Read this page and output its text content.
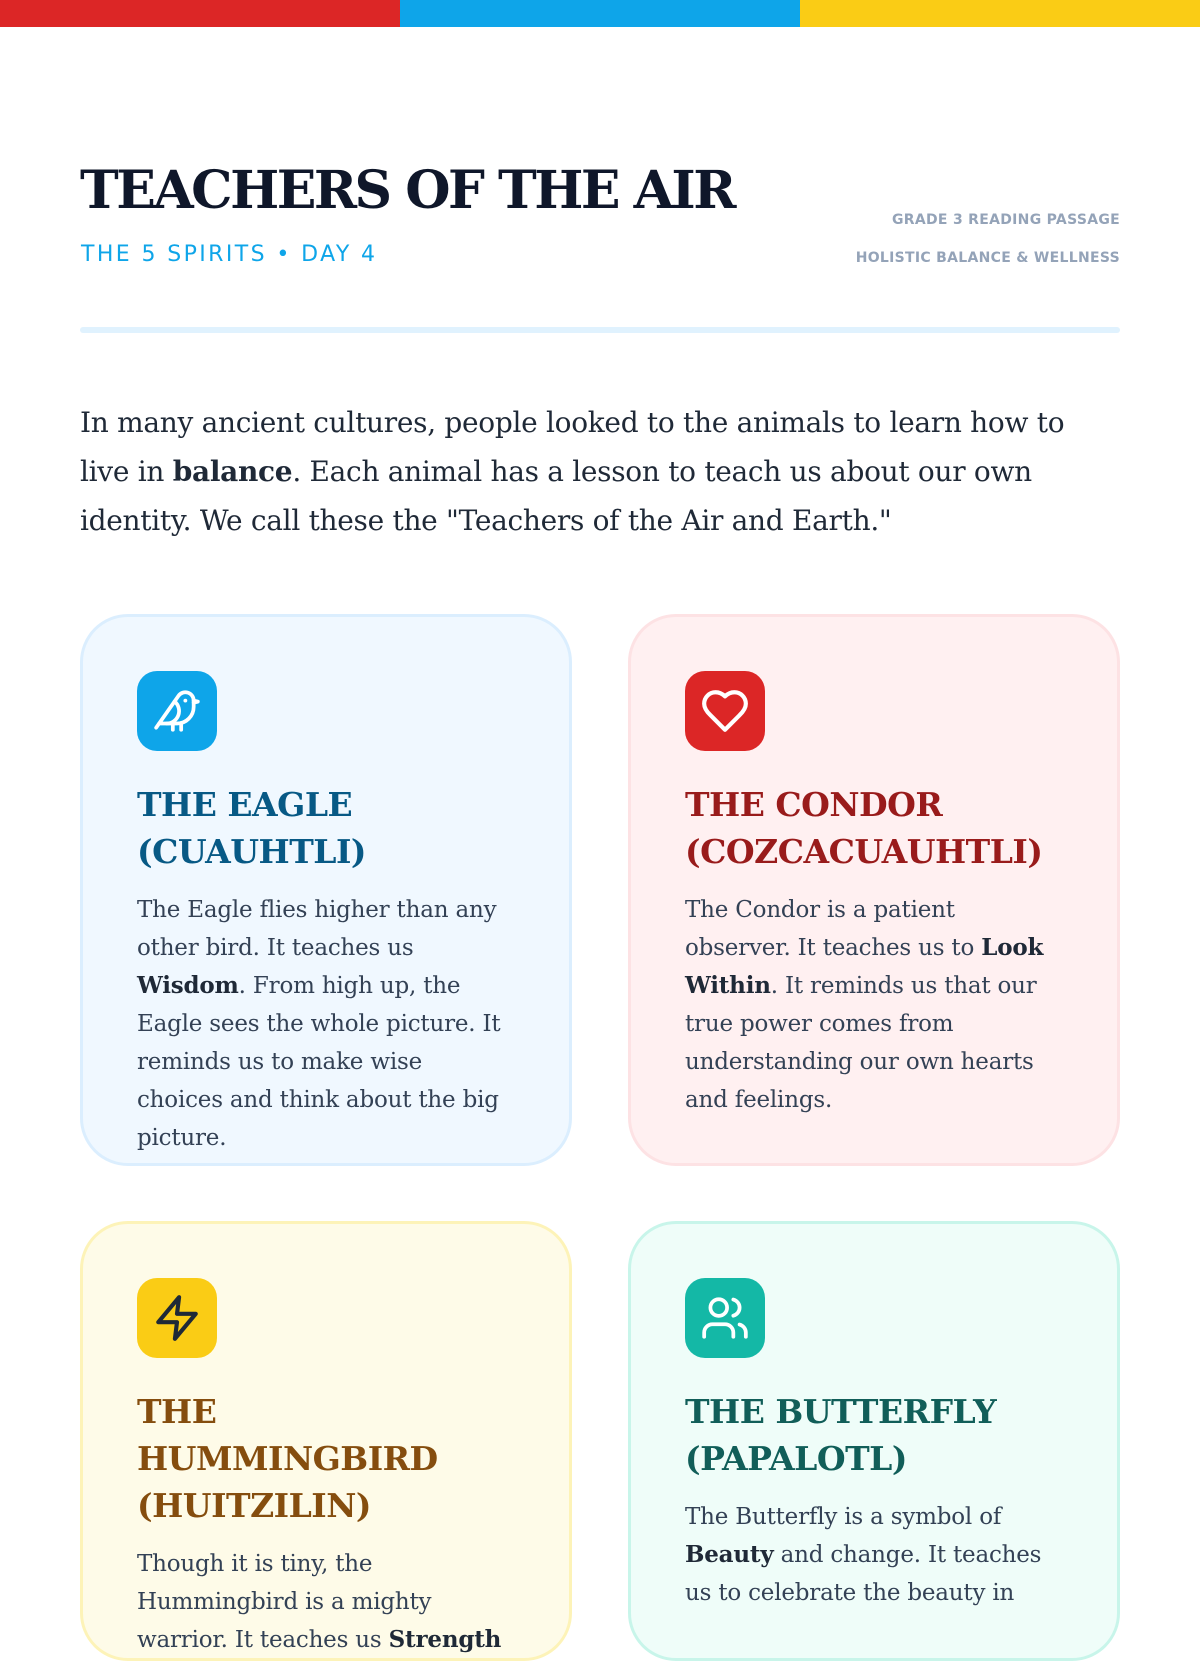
TEACHERS OF THE AIR
THE 5 SPIRITS • DAY 4
GRADE 3 READING PASSAGE
HOLISTIC BALANCE & WELLNESS

In many ancient cultures, people looked to the animals to learn how to live in balance. Each animal has a lesson to teach us about our own identity. We call these the "Teachers of the Air and Earth."

THE EAGLE
(CUAUHTLI)

The Eagle flies higher than any other bird. It teaches us Wisdom. From high up, the Eagle sees the whole picture. It reminds us to make wise choices and think about the big picture.

THE CONDOR
(COZCACUAUHTLI)

The Condor is a patient observer. It teaches us to Look Within. It reminds us that our true power comes from understanding our own hearts and feelings.

THE HUMMINGBIRD
(HUITZILIN)

Though it is tiny, the Hummingbird is a mighty warrior. It teaches us Strength

THE BUTTERFLY
(PAPALOTL)

The Butterfly is a symbol of Beauty and change. It teaches us to celebrate the beauty in
